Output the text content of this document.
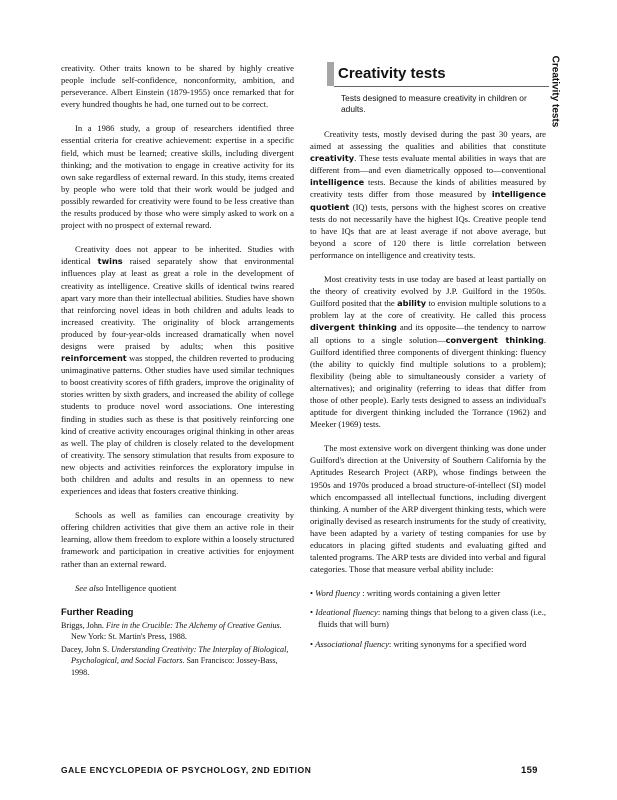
Creativity tests

creativity. Other traits known to be shared by highly creative people include self-confidence, nonconformity, ambition, and perseverance. Albert Einstein (1879-1955) once remarked that for every hundred thoughts he had, one turned out to be correct.

In a 1986 study, a group of researchers identified three essential criteria for creative achievement: expertise in a specific field, which must be learned; creative skills, including divergent thinking; and the motivation to engage in creative activity for its own sake regardless of external reward. In this study, items created by people who were told that their work would be judged and possibly rewarded for creativity were found to be less creative than the results produced by those who were simply asked to work on a project with no prospect of external reward.

Creativity does not appear to be inherited. Studies with identical twins raised separately show that environmental influences play at least as great a role in the development of creativity as intelligence. Creative skills of identical twins reared apart vary more than their intellectual abilities. Studies have shown that reinforcing novel ideas in both children and adults leads to increased creativity. The originality of block arrangements produced by four-year-olds increased dramatically when novel designs were praised by adults; when this positive reinforcement was stopped, the children reverted to producing unimaginative patterns. Other studies have used similar techniques to boost creativity scores of fifth graders, improve the originality of stories written by sixth graders, and increased the ability of college students to produce novel word associations. One interesting finding in studies such as these is that positively reinforcing one kind of creative activity encourages original thinking in other areas as well. The play of children is closely related to the development of creativity. The sensory stimulation that results from exposure to new objects and activities reinforces the exploratory impulse in both children and adults and results in an openness to new experiences and ideas that fosters creative thinking.

Schools as well as families can encourage creativity by offering children activities that give them an active role in their learning, allow them freedom to explore within a loosely structured framework and participation in creative activities for enjoyment rather than an external reward.

See also Intelligence quotient

Further Reading
Briggs, John. Fire in the Crucible: The Alchemy of Creative Genius. New York: St. Martin's Press, 1988.
Dacey, John S. Understanding Creativity: The Interplay of Biological, Psychological, and Social Factors. San Francisco: Jossey-Bass, 1998.
Creativity tests
Tests designed to measure creativity in children or adults.

Creativity tests, mostly devised during the past 30 years, are aimed at assessing the qualities and abilities that constitute creativity. These tests evaluate mental abilities in ways that are different from—and even diametrically opposed to—conventional intelligence tests. Because the kinds of abilities measured by creativity tests differ from those measured by intelligence quotient (IQ) tests, persons with the highest scores on creative tests do not necessarily have the highest IQs. Creative people tend to have IQs that are at least average if not above average, but beyond a score of 120 there is little correlation between performance on intelligence and creativity tests.

Most creativity tests in use today are based at least partially on the theory of creativity evolved by J.P. Guilford in the 1950s. Guilford posited that the ability to envision multiple solutions to a problem lay at the core of creativity. He called this process divergent thinking and its opposite—the tendency to narrow all options to a single solution—convergent thinking. Guilford identified three components of divergent thinking: fluency (the ability to quickly find multiple solutions to a problem); flexibility (being able to simultaneously consider a variety of alternatives); and originality (referring to ideas that differ from those of other people). Early tests designed to assess an individual's aptitude for divergent thinking included the Torrance (1962) and Meeker (1969) tests.

The most extensive work on divergent thinking was done under Guilford's direction at the University of Southern California by the Aptitudes Research Project (ARP), whose findings between the 1950s and 1970s produced a broad structure-of-intellect (SI) model which encompassed all intellectual functions, including divergent thinking. A number of the ARP divergent thinking tests, which were originally devised as research instruments for the study of creativity, have been adapted by a variety of testing companies for use by educators in placing gifted students and evaluating gifted and talented programs. The ARP tests are divided into verbal and figural categories. Those that measure verbal ability include:

• Word fluency : writing words containing a given letter
• Ideational fluency: naming things that belong to a given class (i.e., fluids that will burn)
• Associational fluency: writing synonyms for a specified word
GALE ENCYCLOPEDIA OF PSYCHOLOGY, 2ND EDITION	159
